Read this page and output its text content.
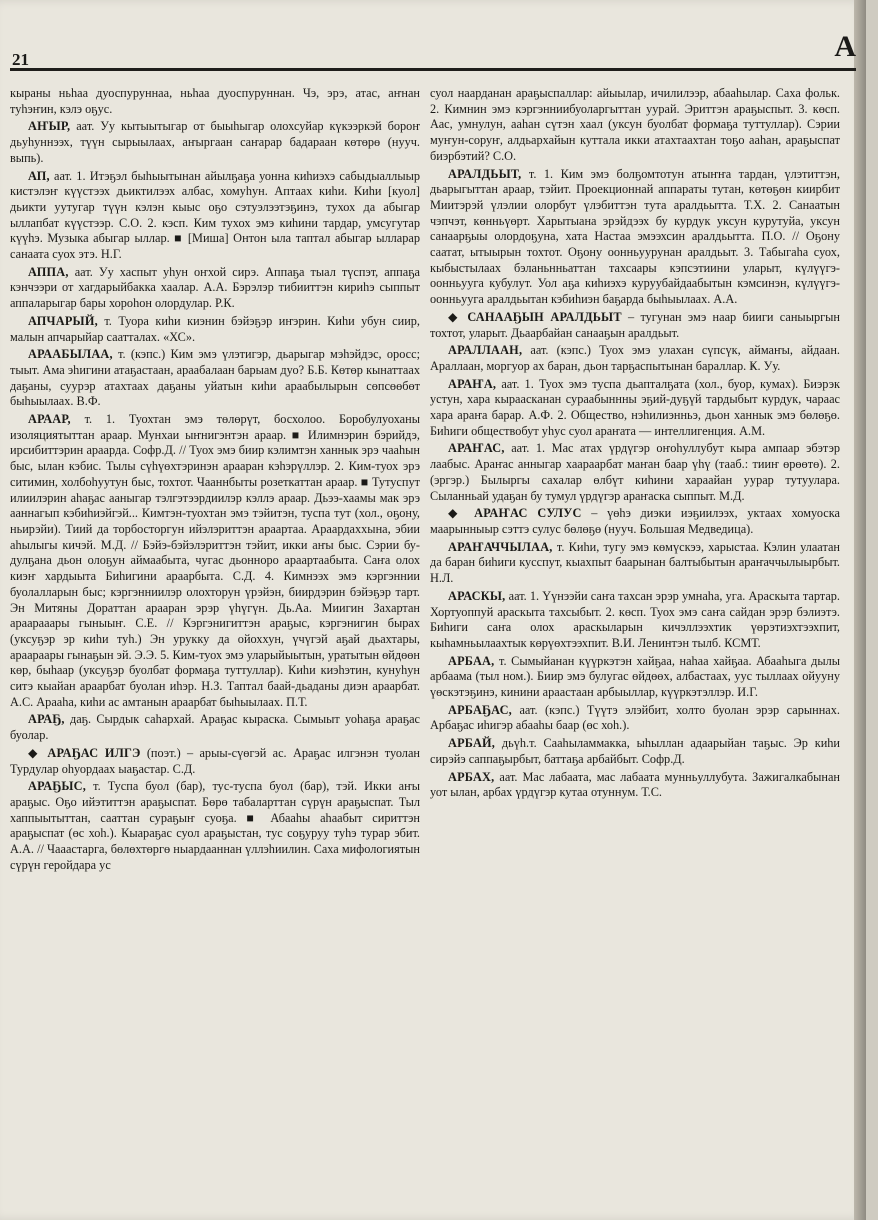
21	А

кыраны ньһаа дуоспуруннаа, ньһаа дуоспуруннан. Чэ, эрэ, атас, аҥнан туһэҥин, кэлэ оҕус.

АҤЫР, аат. Уу кытыытыгар от быыһыгар олохсуйар күкээркэй бороҥ дьуһуннээх, түүн сырыылаах, аҥыргаан саҥарар бадараан көтөрө (нууч. выпь).

АП, аат. 1. Итэҕэл быһыытынан айылҕаҕа уонна киһиэхэ сабыдыаллыыр кистэлэҥ күүстээх дьиктилээх албас, хомуһун. Аптаах киһи. Киһи [куол] дьикти уутугар түүн кэлэн кыыс оҕо сэтуэлээтэҕинэ, тухох да абыгар ыллапбат күүстээр. С.О. 2. кэсп. Ким тухох эмэ киһини тардар, умсугутар күүһэ. Музыка абыгар ыллар. ■ [Миша] Онтон ыла таптал абыгар ылларар санаата суох этэ. Н.Г.

АППА, аат. Уу хаспыт уһун оҥхой сирэ. Аппаҕа тыал түспэт, аппаҕа кэнчээри от хагдарыйбакка хаалар. А.А. Бэрэлэр тибииттэн кириһэ сыппыт аппаларыгар бары хороһон олордулар. Р.К.

АПЧАРЫЙ, т. Туора киһи киэнин бэйэҕэр иҥэрин. Киһи убун сиир, малын апчарыйар саатталах. «ХС».

АРААБЫЛАА, т. (кэпс.) Ким эмэ үлэтигэр, дьарыгар мэһэйдэс, оросс; тыыт. Ама эһигини атаҕастаан, араабалаан барыам дуо? Б.Б. Көтөр кынаттаах даҕаны, суурэр атахтаах даҕаны уйатын киһи араабылырын сөпсөөбөт быһыылаах. В.Ф.

АРААР, т. 1. Туохтан эмэ төлөрүт, босхолоо. Боробулуоханы изоляциятыттан араар. Мунхаи ыҥнигэнтэн араар. ■ Илимнэрин бэрийдэ, ирсибиттэрин араарда. Софр.Д. // Туох эмэ биир кэлимтэн ханнык эрэ чааһын быс, ылан кэбис. Тылы сүһүөхтэринэн арааран кэһэрүллэр. 2. Ким-туох эрэ ситимин, холбоһуутун быс, тохтот. Чааннбыты розеткаттан араар. ■ Тутуспут илиилэрин аһаҕас ааныгар тэлгэтээрдиилэр кэллэ араар. Дьээ-хаамы мак эрэ ааннагып кэбиһиэйгэй... Кимтэн-туохтан эмэ тэйитэн, туспа тут (хол., оҕону, ньирэйи). Тиий да торбосторгун ийэлэриттэн араартаа. Араардаххына, эбии аһылыгы кичэй. М.Д. // Бэйэ-бэйэлэриттэн тэйит, икки аҥы быс. Сэрии будулҕана дьон олоҕун аймаабыта, чугас дьонноро араартаабыта. Саҥа олох киэҥ хардыыта Биһигини араарбыта. С.Д. 4. Кимнээх эмэ кэргэннии буолалларын быс; кэргэнниилэр олохторун үрэйэн, биирдэрин бэйэҕэр тарт. Эн Митяны Дорaттан арааран эрэр үһүгүн. Дь.Аа. Миигин Захартан араарааары гыныыҥ. С.Е. // Кэргэнигиттэн араҕыс, кэргэнигин бырах (уксуҕэр эр киһи туһ.) Эн урукку да ойоххун, үчүгэй аҕай дьахтары, араараары гынаҕын эй. Э.Э. 5. Ким-туох эмэ уларыйыытын, уратытын өйдөөн көр, быһаар (уксуҕэр буолбат формаҕа туттуллар). Киһи киэһэтин, кунуһун ситэ кыайан араарбат буолан иһэр. Н.З. Таптал баай-дьаданы диэн араарбат. А.С. Арааһа, киһи ас амтанын араарбат быһыылаах. П.Т.

АРАҔ, даҕ. Сырдык саһархай. Араҕас кыраска. Сымыыт уоһаҕа араҕас буолар.

◆ АРАҔАС ИЛГЭ (поэт.) – арыы-сүөгэй ас. Араҕас илгэнэн туолан Турдулар оһуордаах ыаҕастар. С.Д.

АРАҔЫС, т. Туспа буол (бар), тус-туспа буол (бар), тэй. Икки аҥы араҕыс. Оҕо ийэтиттэн араҕыспат. Бөрө табаларттан сүрүн араҕыспат. Тыл хаппыытыттан, сааттан сураҕыҥ суоҕа. ■ Абааһы аһаабыт сириттэн араҕыспат (өс хоһ.). Кыараҕас суол араҕыстан, тус соҕуруу туһэ турар эбит. А.А. // Чааастарга, бөлөхтөргө ныардааннан үллэһиилин. Саха мифологиятын сүрүн геройдара ус

суол наарданан араҕыспаллар: айыылар, ичилилээр, абааһылар. Саха фольк. 2. Кимнин эмэ кэргэнниибуоларгыттан уурай. Эриттэн араҕыспыт. 3. көсп. Аас, умнулун, ааһан сүтэн хаал (уксун буолбат формаҕа туттуллар). Сэрии муҥун-соруҥ, алдьархайын куттала икки атахтаахтан тоҕо ааһан, араҕыспат биэрбэтий? С.О.

АРАЛДЬЫТ, т. 1. Ким эмэ болҕомтотун атыҥҥа тардан, үлэтиттэн, дьарыгыттан араар, тэйит. Проекционнай аппараты тутан, көтөҕөн киирбит Миитэрэй үлэлии олорбут үлэбиттэн тута аралдьытта. Т.Х. 2. Санаатын чэпчэт, көнньүөрт. Харытыана эрэйдээх бу курдук уксун курутуйа, уксун санаарҕыы олордоҕуна, хата Настаа эмээхсин аралдьытта. П.О. // Оҕону саатат, ытыырын тохтот. Оҕону оонньуурунан аралдьыт. 3. Табыгаһа суох, кыбыстылаах бэланьнньаттан тахсаары кэпсэтиини уларыт, күлүүгэ-оонньууга кубулут. Уол аҕа киһиэхэ куруубайдаабытын кэмсинэн, күлүүгэ-оонньууга аралдьытан кэбиһиэн баҕарда быһыылаах. А.А.

◆ САНААҔЫН АРАЛДЬЫТ – тугунан эмэ наар бииги саныыргын тохтот, уларыт. Дьаарбайан санааҕын аралдьыт.

АРАЛЛААН, аат. (кэпс.) Туох эмэ улахан сүпсүк, аймаҥы, айдаан. Араллаан, моргуор ах баран, дьон тарҕаспытынан бараллар. Ҝ. Уу.

АРАҤА, аат. 1. Туох эмэ туспа дьапталҕата (хол., буор, кумах). Биэрэк устун, хара кыраасканан сураабыннны эҕий-дуҕүй тардыбыт курдук, чараас хара араҥа барар. А.Ф. 2. Общество, нэһилиэнньэ, дьон ханнык эмэ бөлөҕө. Биһиги обществобут уһус суол араҥата — интеллигенция. А.М.

АРАҤАС, аат. 1. Мас атах үрдүгэр оҥоһуллубут кыра ампаар эбэтэр лаабыс. Араҥас анныгар хаараарбат маҥан баар үһү (тааб.: тииҥ өрөөтө). 2. (эргэр.) Былыргы сахалар өлбүт киһини хараайан уурар тутуулара. Сыланньай удаҕан бу тумул үрдүгэр араҥаска сыппыт. М.Д.

◆ АРАҤАС СУЛУС – үөһэ диэки иэҕиилээх, уктаах хомуоска маарынныыр сэттэ сулус бөлөҕө (нууч. Большая Медведица).

АРАҤАЧЧЫЛАА, т. Киһи, тугу эмэ көмүскээ, харыстаа. Кэлин улаатан да баран биһиги кусспут, кыахпыт баарынан балтыбытын араҥаччылыырбыт. Н.Л.

АРАСКЫ, аат. 1. Үүнээйи саҥа тахсан эрэр умнаһа, уга. Араскыта тартар. Хортуоппуй араскыта тахсыбыт. 2. көсп. Туох эмэ саҥа сайдан эрэр бэлиэтэ. Биһиги саҥа олох араскыларын кичэллээхтик үөрэтиэхтээхпит, кыһамньылаахтык көрүөхтээхпит. В.И. Ленинтэн тылб. КСМТ.

АРБАА, т. Сымыйанан күүркэтэн хайҕаа, наһаа хайҕаа. Абааһыга дылы арбаама (тыл ном.). Биир эмэ булугас өйдөөх, албастаах, уус тыллаах ойууну үөскэтэҕинэ, кинини араастаан арбыыллар, күүркэтэллэр. И.Г.

АРБАҔАС, аат. (кэпс.) Түүтэ элэйбит, холто буолан эрэр сарыннах. Арбаҕас иһигэр абааһы баар (өс хоһ.).

АРБАЙ, дьүһ.т. Сааһыламмакка, ыһыллан адаарыйан таҕыс. Эр киһи сирэйэ саппаҕырбыт, баттаҕа арбайбыт. Софр.Д.

АРБАХ, аат. Мас лабаата, мас лабаата мунньуллубута. Зажигалкабынан уот ылан, арбах үрдүгэр кутаа отуннум. Т.С.
